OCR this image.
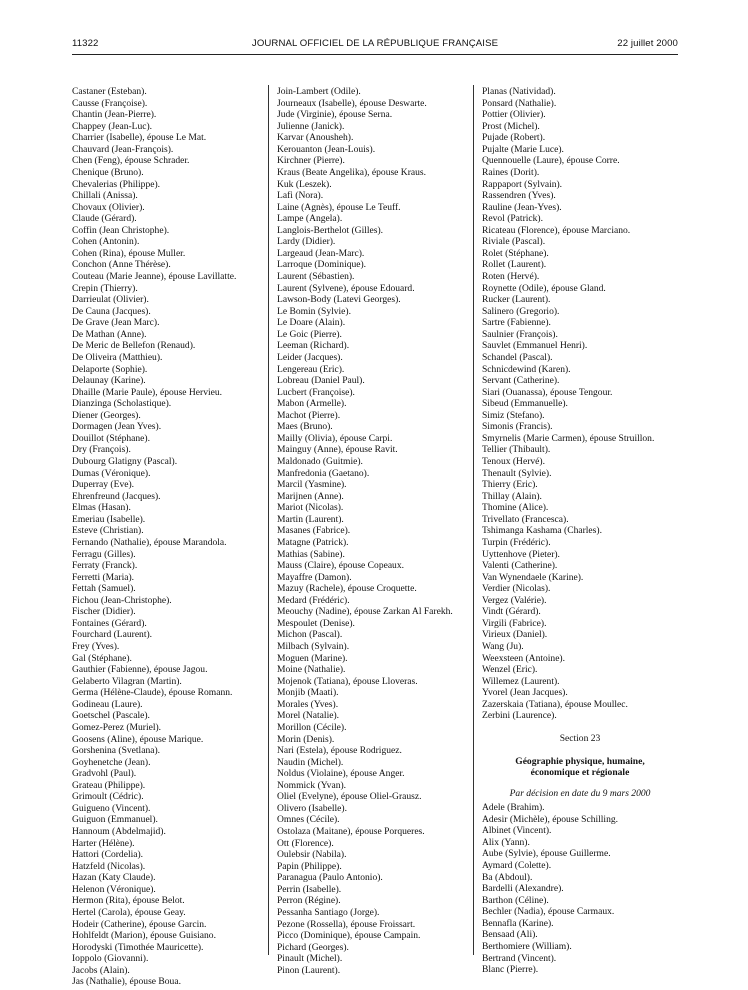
11322	JOURNAL OFFICIEL DE LA RÉPUBLIQUE FRANÇAISE	22 juillet 2000
Castaner (Esteban).
Causse (Françoise).
Chantin (Jean-Pierre).
Chappey (Jean-Luc).
Charrier (Isabelle), épouse Le Mat.
Chauvard (Jean-François).
Chen (Feng), épouse Schrader.
Chenique (Bruno).
Chevalerias (Philippe).
Chillali (Anissa).
Chovaux (Olivier).
Claude (Gérard).
Coffin (Jean Christophe).
Cohen (Antonin).
Cohen (Rina), épouse Muller.
Conchon (Anne Thérèse).
Couteau (Marie Jeanne), épouse Lavillatte.
Crepin (Thierry).
Darrieulat (Olivier).
De Cauna (Jacques).
De Grave (Jean Marc).
De Mathan (Anne).
De Meric de Bellefon (Renaud).
De Oliveira (Matthieu).
Delaporte (Sophie).
Delaunay (Karine).
Dhaille (Marie Paule), épouse Hervieu.
Dianzinga (Scholastique).
Diener (Georges).
Dormagen (Jean Yves).
Douillot (Stéphane).
Dry (François).
Dubourg Glatigny (Pascal).
Dumas (Véronique).
Duperray (Eve).
Ehrenfreund (Jacques).
Elmas (Hasan).
Emeriau (Isabelle).
Esteve (Christian).
Fernando (Nathalie), épouse Marandola.
Ferragu (Gilles).
Ferraty (Franck).
Ferretti (Maria).
Fettah (Samuel).
Fichou (Jean-Christophe).
Fischer (Didier).
Fontaines (Gérard).
Fourchard (Laurent).
Frey (Yves).
Gal (Stéphane).
Gauthier (Fabienne), épouse Jagou.
Gelaberto Vilagran (Martin).
Germa (Hélène-Claude), épouse Romann.
Godineau (Laure).
Goetschel (Pascale).
Gomez-Perez (Muriel).
Goosens (Aline), épouse Marique.
Gorshenina (Svetlana).
Goyhenetche (Jean).
Gradvohl (Paul).
Grateau (Philippe).
Grimoult (Cédric).
Guigueno (Vincent).
Guiguon (Emmanuel).
Hannoum (Abdelmajid).
Harter (Hélène).
Hattori (Cordelia).
Hatzfeld (Nicolas).
Hazan (Katy Claude).
Helenon (Véronique).
Hermon (Rita), épouse Belot.
Hertel (Carola), épouse Geay.
Hodeir (Catherine), épouse Garcin.
Hohlfeldt (Marion), épouse Guisiano.
Horodyski (Timothée Mauricette).
Ioppolo (Giovanni).
Jacobs (Alain).
Jas (Nathalie), épouse Boua.
Join-Lambert (Odile).
Journeaux (Isabelle), épouse Deswarte.
Jude (Virginie), épouse Serna.
Julienne (Janick).
Karvar (Anousheh).
Kerouanton (Jean-Louis).
Kirchner (Pierre).
Kraus (Beate Angelika), épouse Kraus.
Kuk (Leszek).
Lafi (Nora).
Laine (Agnès), épouse Le Teuff.
Lampe (Angela).
Langlois-Berthelot (Gilles).
Lardy (Didier).
Largeaud (Jean-Marc).
Larroque (Dominique).
Laurent (Sébastien).
Laurent (Sylvene), épouse Edouard.
Lawson-Body (Latevi Georges).
Le Bomin (Sylvie).
Le Doare (Alain).
Le Goic (Pierre).
Leeman (Richard).
Leider (Jacques).
Lengereau (Eric).
Lobreau (Daniel Paul).
Lucbert (Françoise).
Mabon (Armelle).
Machot (Pierre).
Maes (Bruno).
Mailly (Olivia), épouse Carpi.
Mainguy (Anne), épouse Ravit.
Maldonado (Guitmie).
Manfredonia (Gaetano).
Marcil (Yasmine).
Marijnen (Anne).
Mariot (Nicolas).
Martin (Laurent).
Masanes (Fabrice).
Matagne (Patrick).
Mathias (Sabine).
Mauss (Claire), épouse Copeaux.
Mayaffre (Damon).
Mazuy (Rachele), épouse Croquette.
Medard (Frédéric).
Meouchy (Nadine), épouse Zarkan Al Farekh.
Mespoulet (Denise).
Michon (Pascal).
Milbach (Sylvain).
Moguen (Marine).
Moine (Nathalie).
Mojenok (Tatiana), épouse Lloveras.
Monjib (Maati).
Morales (Yves).
Morel (Natalie).
Morillon (Cécile).
Morin (Denis).
Nari (Estela), épouse Rodriguez.
Naudin (Michel).
Noldus (Violaine), épouse Anger.
Nommick (Yvan).
Oliel (Evelyne), épouse Oliel-Grausz.
Olivero (Isabelle).
Omnes (Cécile).
Ostolaza (Maitane), épouse Porqueres.
Ott (Florence).
Oulebsir (Nabila).
Papin (Philippe).
Paranagua (Paulo Antonio).
Perrin (Isabelle).
Perron (Régine).
Pessanha Santiago (Jorge).
Pezone (Rossella), épouse Froissart.
Picco (Dominique), épouse Campain.
Pichard (Georges).
Pinault (Michel).
Pinon (Laurent).
Planas (Natividad).
Ponsard (Nathalie).
Pottier (Olivier).
Prost (Michel).
Pujade (Robert).
Pujalte (Marie Luce).
Quennouelle (Laure), épouse Corre.
Raines (Dorit).
Rappaport (Sylvain).
Rassendren (Yves).
Rauline (Jean-Yves).
Revol (Patrick).
Ricateau (Florence), épouse Marciano.
Riviale (Pascal).
Rolet (Stéphane).
Rollet (Laurent).
Roten (Hervé).
Roynette (Odile), épouse Gland.
Rucker (Laurent).
Salinero (Gregorio).
Sartre (Fabienne).
Saulnier (François).
Sauvlet (Emmanuel Henri).
Schandel (Pascal).
Schnicdewind (Karen).
Servant (Catherine).
Siari (Ouanassa), épouse Tengour.
Sibeud (Emmanuelle).
Simiz (Stefano).
Simonis (Francis).
Smyrnelis (Marie Carmen), épouse Struillon.
Tellier (Thibault).
Tenoux (Hervé).
Thenault (Sylvie).
Thierry (Eric).
Thillay (Alain).
Thomine (Alice).
Trivellato (Francesca).
Tshimanga Kashama (Charles).
Turpin (Frédéric).
Uyttenhove (Pieter).
Valenti (Catherine).
Van Wynendaele (Karine).
Verdier (Nicolas).
Vergez (Valérie).
Vindt (Gérard).
Virgili (Fabrice).
Virieux (Daniel).
Wang (Ju).
Weexsteen (Antoine).
Wenzel (Eric).
Willemez (Laurent).
Yvorel (Jean Jacques).
Zazerskaia (Tatiana), épouse Moullec.
Zerbini (Laurence).
Section 23
Géographie physique, humaine,
économique et régionale
Par décision en date du 9 mars 2000
Adele (Brahim).
Adesir (Michèle), épouse Schilling.
Albinet (Vincent).
Alix (Yann).
Aube (Sylvie), épouse Guillerme.
Aymard (Colette).
Ba (Abdoul).
Bardelli (Alexandre).
Barthon (Céline).
Bechler (Nadia), épouse Carmaux.
Bennafla (Karine).
Bensaad (Ali).
Berthomiere (William).
Bertrand (Vincent).
Blanc (Pierre).
